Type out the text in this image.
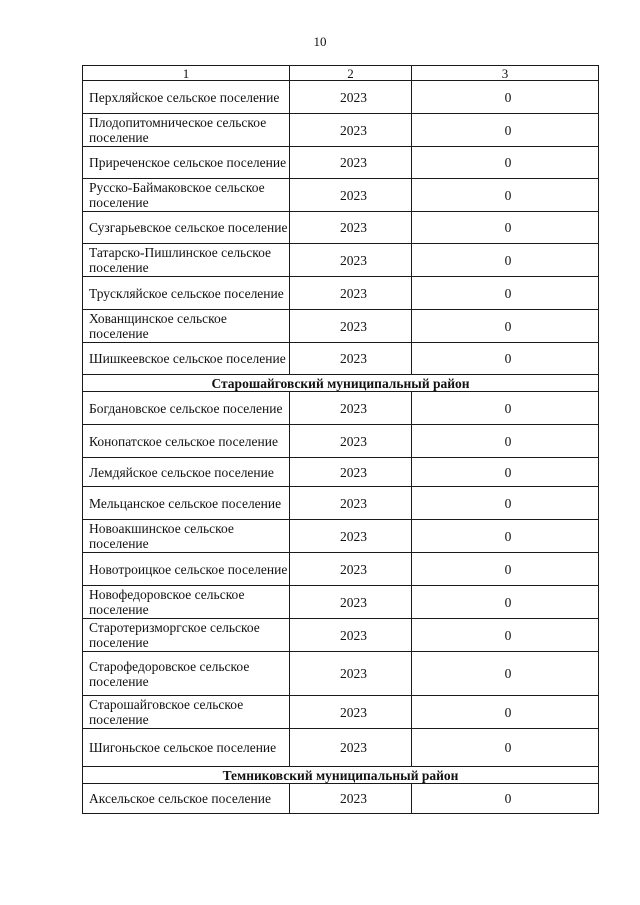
10
1	2	3
Перхляйское сельское поселение	2023	0
Плодопитомническое сельское поселение	2023	0
Приреченское сельское поселение	2023	0
Русско-Баймаковское сельское поселение	2023	0
Сузгарьевское сельское поселение	2023	0
Татарско-Пишлинское сельское поселение	2023	0
Трускляйское сельское поселение	2023	0
Хованщинское сельское поселение	2023	0
Шишкеевское сельское поселение	2023	0
Старошайговский муниципальный район		
Богдановское сельское поселение	2023	0
Конопатское сельское поселение	2023	0
Лемдяйское сельское поселение	2023	0
Мельцанское сельское поселение	2023	0
Новоакшинское сельское поселение	2023	0
Новотроицкое сельское поселение	2023	0
Новофедоровское сельское поселение	2023	0
Старотеризморгское сельское поселение	2023	0
Старофедоровское сельское поселение	2023	0
Старошайговское сельское поселение	2023	0
Шигоньское сельское поселение	2023	0
Темниковский муниципальный район		
Аксельское сельское поселение	2023	0
